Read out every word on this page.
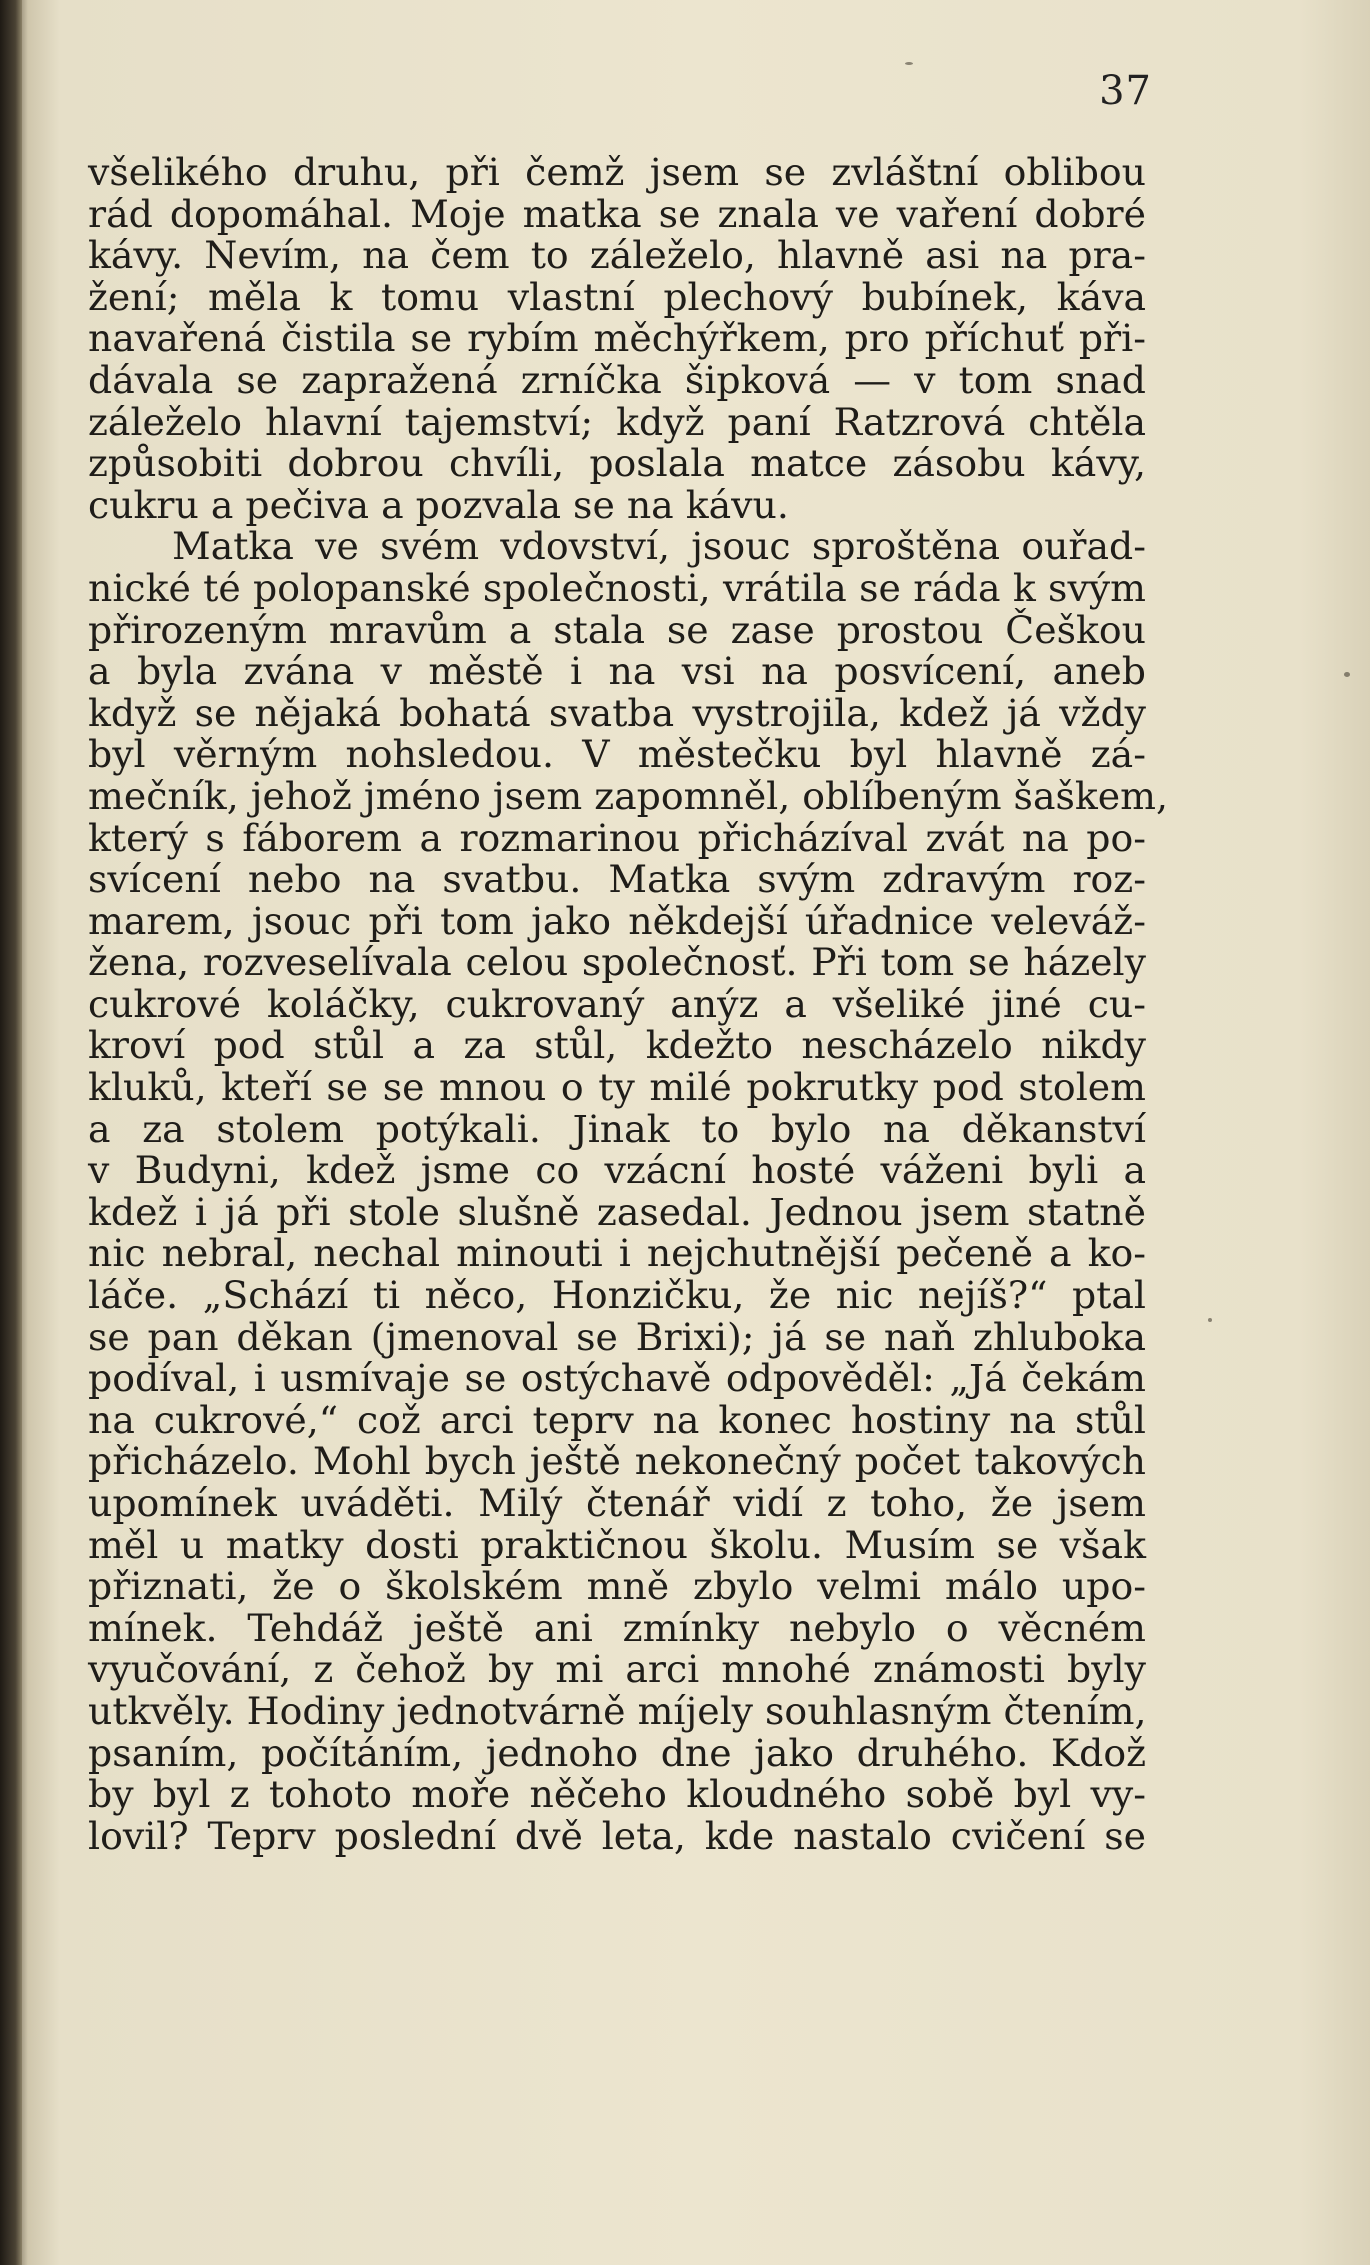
37
všelikého druhu, při čemž jsem se zvláštní oblibou
rád dopomáhal. Moje matka se znala ve vaření dobré
kávy. Nevím, na čem to záleželo, hlavně asi na pra-
žení; měla k tomu vlastní plechový bubínek, káva
navařená čistila se rybím měchýřkem, pro příchuť při-
dávala se zapražená zrníčka šipková — v tom snad
záleželo hlavní tajemství; když paní Ratzrová chtěla
způsobiti dobrou chvíli, poslala matce zásobu kávy,
cukru a pečiva a pozvala se na kávu.
Matka ve svém vdovství, jsouc sproštěna ouřad-
nické té polopanské společnosti, vrátila se ráda k svým
přirozeným mravům a stala se zase prostou Češkou
a byla zvána v městě i na vsi na posvícení, aneb
když se nějaká bohatá svatba vystrojila, kdež já vždy
byl věrným nohsledou. V městečku byl hlavně zá-
mečník, jehož jméno jsem zapomněl, oblíbeným šaškem,
který s fáborem a rozmarinou přicházíval zvát na po-
svícení nebo na svatbu. Matka svým zdravým roz-
marem, jsouc při tom jako někdejší úřadnice veleváž-
žena, rozveselívala celou společnosť. Při tom se házely
cukrové koláčky, cukrovaný anýz a všeliké jiné cu-
kroví pod stůl a za stůl, kdežto nescházelo nikdy
kluků, kteří se se mnou o ty milé pokrutky pod stolem
a za stolem potýkali. Jinak to bylo na děkanství
v Budyni, kdež jsme co vzácní hosté váženi byli a
kdež i já při stole slušně zasedal. Jednou jsem statně
nic nebral, nechal minouti i nejchutnější pečeně a ko-
láče. „Schází ti něco, Honzičku, že nic nejíš?“ ptal
se pan děkan (jmenoval se Brixi); já se naň zhluboka
podíval, i usmívaje se ostýchavě odpověděl: „Já čekám
na cukrové,“ což arci teprv na konec hostiny na stůl
přicházelo. Mohl bych ještě nekonečný počet takových
upomínek uváděti. Milý čtenář vidí z toho, že jsem
měl u matky dosti praktičnou školu. Musím se však
přiznati, že o školském mně zbylo velmi málo upo-
mínek. Tehdáž ještě ani zmínky nebylo o věcném
vyučování, z čehož by mi arci mnohé známosti byly
utkvěly. Hodiny jednotvárně míjely souhlasným čtením,
psaním, počítáním, jednoho dne jako druhého. Kdož
by byl z tohoto moře něčeho kloudného sobě byl vy-
lovil? Teprv poslední dvě leta, kde nastalo cvičení se
